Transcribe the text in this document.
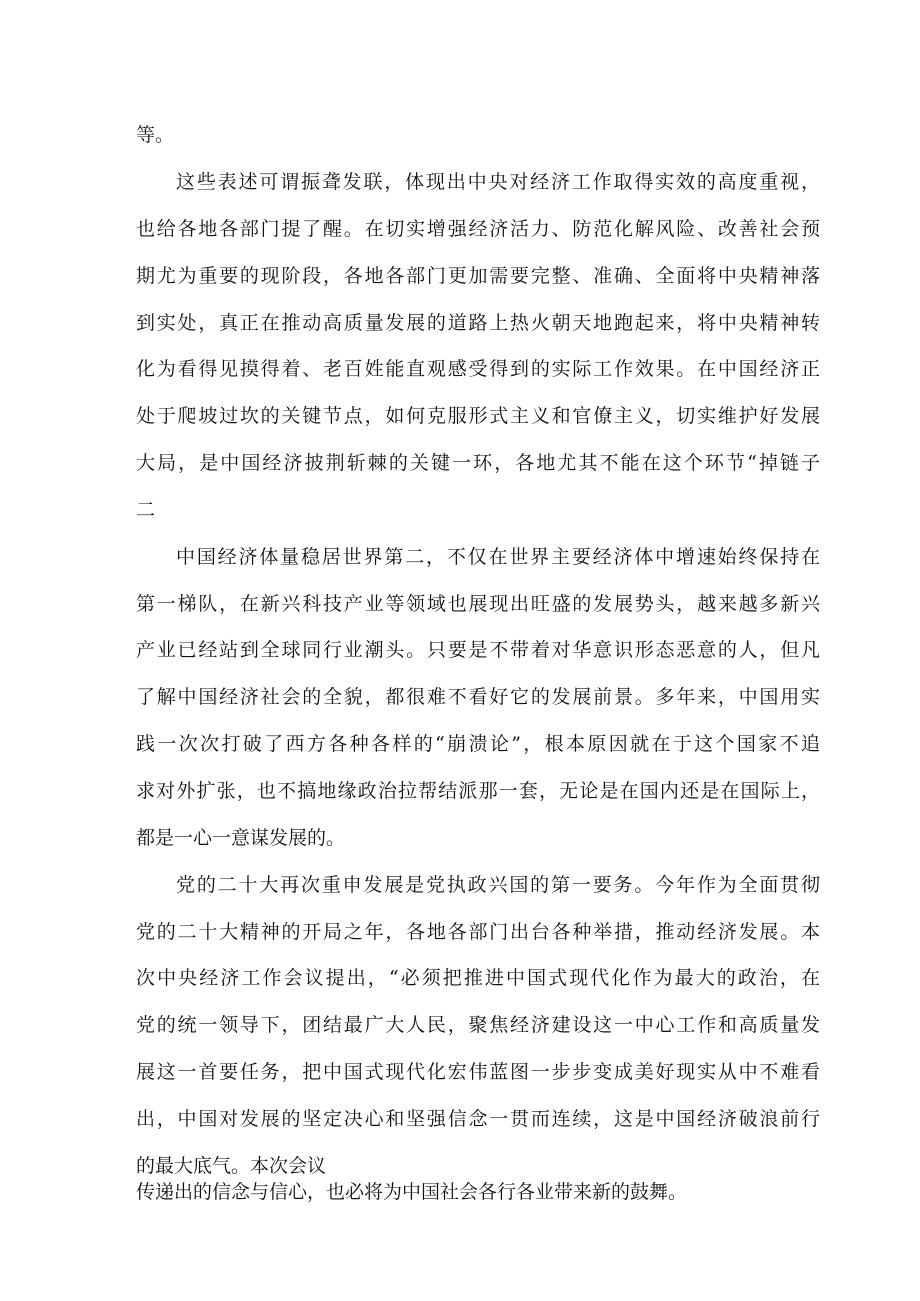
等。
这些表述可谓振聋发联，体现出中央对经济工作取得实效的高度重视，
也给各地各部门提了醒。在切实增强经济活力、防范化解风险、改善社会预
期尤为重要的现阶段，各地各部门更加需要完整、准确、全面将中央精神落
到实处，真正在推动高质量发展的道路上热火朝天地跑起来，将中央精神转
化为看得见摸得着、老百姓能直观感受得到的实际工作效果。在中国经济正
处于爬坡过坎的关键节点，如何克服形式主义和官僚主义，切实维护好发展
大局，是中国经济披荆斩棘的关键一环，各地尤其不能在这个环节“掉链子
二
中国经济体量稳居世界第二，不仅在世界主要经济体中增速始终保持在
第一梯队，在新兴科技产业等领域也展现出旺盛的发展势头，越来越多新兴
产业已经站到全球同行业潮头。只要是不带着对华意识形态恶意的人，但凡
了解中国经济社会的全貌，都很难不看好它的发展前景。多年来，中国用实
践一次次打破了西方各种各样的“崩溃论”，根本原因就在于这个国家不追
求对外扩张，也不搞地缘政治拉帮结派那一套，无论是在国内还是在国际上，
都是一心一意谋发展的。
党的二十大再次重申发展是党执政兴国的第一要务。今年作为全面贯彻
党的二十大精神的开局之年，各地各部门出台各种举措，推动经济发展。本
次中央经济工作会议提出，“必须把推进中国式现代化作为最大的政治，在
党的统一领导下，团结最广大人民，聚焦经济建设这一中心工作和高质量发
展这一首要任务，把中国式现代化宏伟蓝图一步步变成美好现实从中不难看
出，中国对发展的坚定决心和坚强信念一贯而连续，这是中国经济破浪前行
的最大底气。本次会议
传递出的信念与信心，也必将为中国社会各行各业带来新的鼓舞。
